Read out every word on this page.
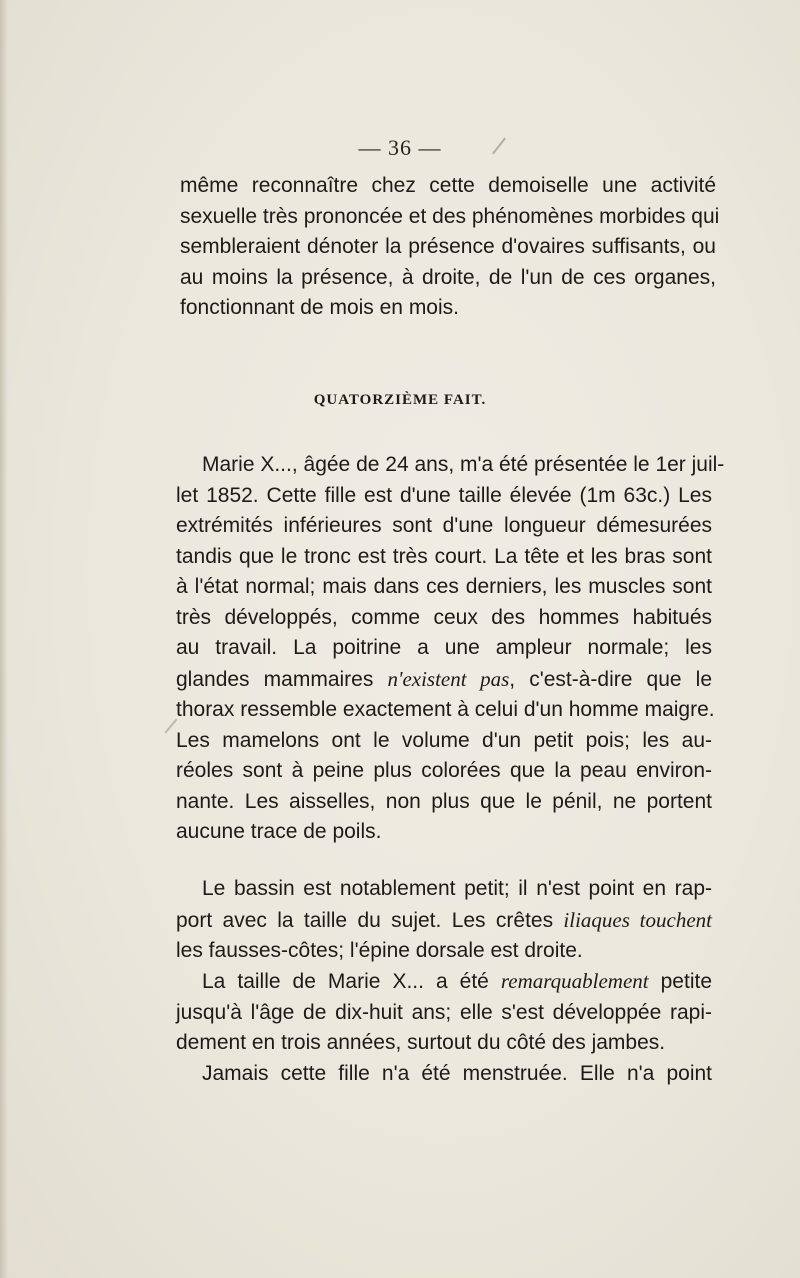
— 36 —
même reconnaître chez cette demoiselle une activité
sexuelle très prononcée et des phénomènes morbides qui
sembleraient dénoter la présence d'ovaires suffisants, ou
au moins la présence, à droite, de l'un de ces organes,
fonctionnant de mois en mois.
QUATORZIÈME FAIT.
Marie X..., âgée de 24 ans, m'a été présentée le 1er juil-
let 1852. Cette fille est d'une taille élevée (1m 63c.) Les
extrémités inférieures sont d'une longueur démesurées
tandis que le tronc est très court. La tête et les bras sont
à l'état normal; mais dans ces derniers, les muscles sont
très développés, comme ceux des hommes habitués
au travail. La poitrine a une ampleur normale; les
glandes mammaires n'existent pas, c'est-à-dire que le
thorax ressemble exactement à celui d'un homme maigre.
Les mamelons ont le volume d'un petit pois; les au-
réoles sont à peine plus colorées que la peau environ-
nante. Les aisselles, non plus que le pénil, ne portent
aucune trace de poils.
Le bassin est notablement petit; il n'est point en rap-
port avec la taille du sujet. Les crêtes iliaques touchent
les fausses-côtes; l'épine dorsale est droite.
La taille de Marie X... a été remarquablement petite
jusqu'à l'âge de dix-huit ans; elle s'est développée rapi-
dement en trois années, surtout du côté des jambes.
Jamais cette fille n'a été menstruée. Elle n'a point
